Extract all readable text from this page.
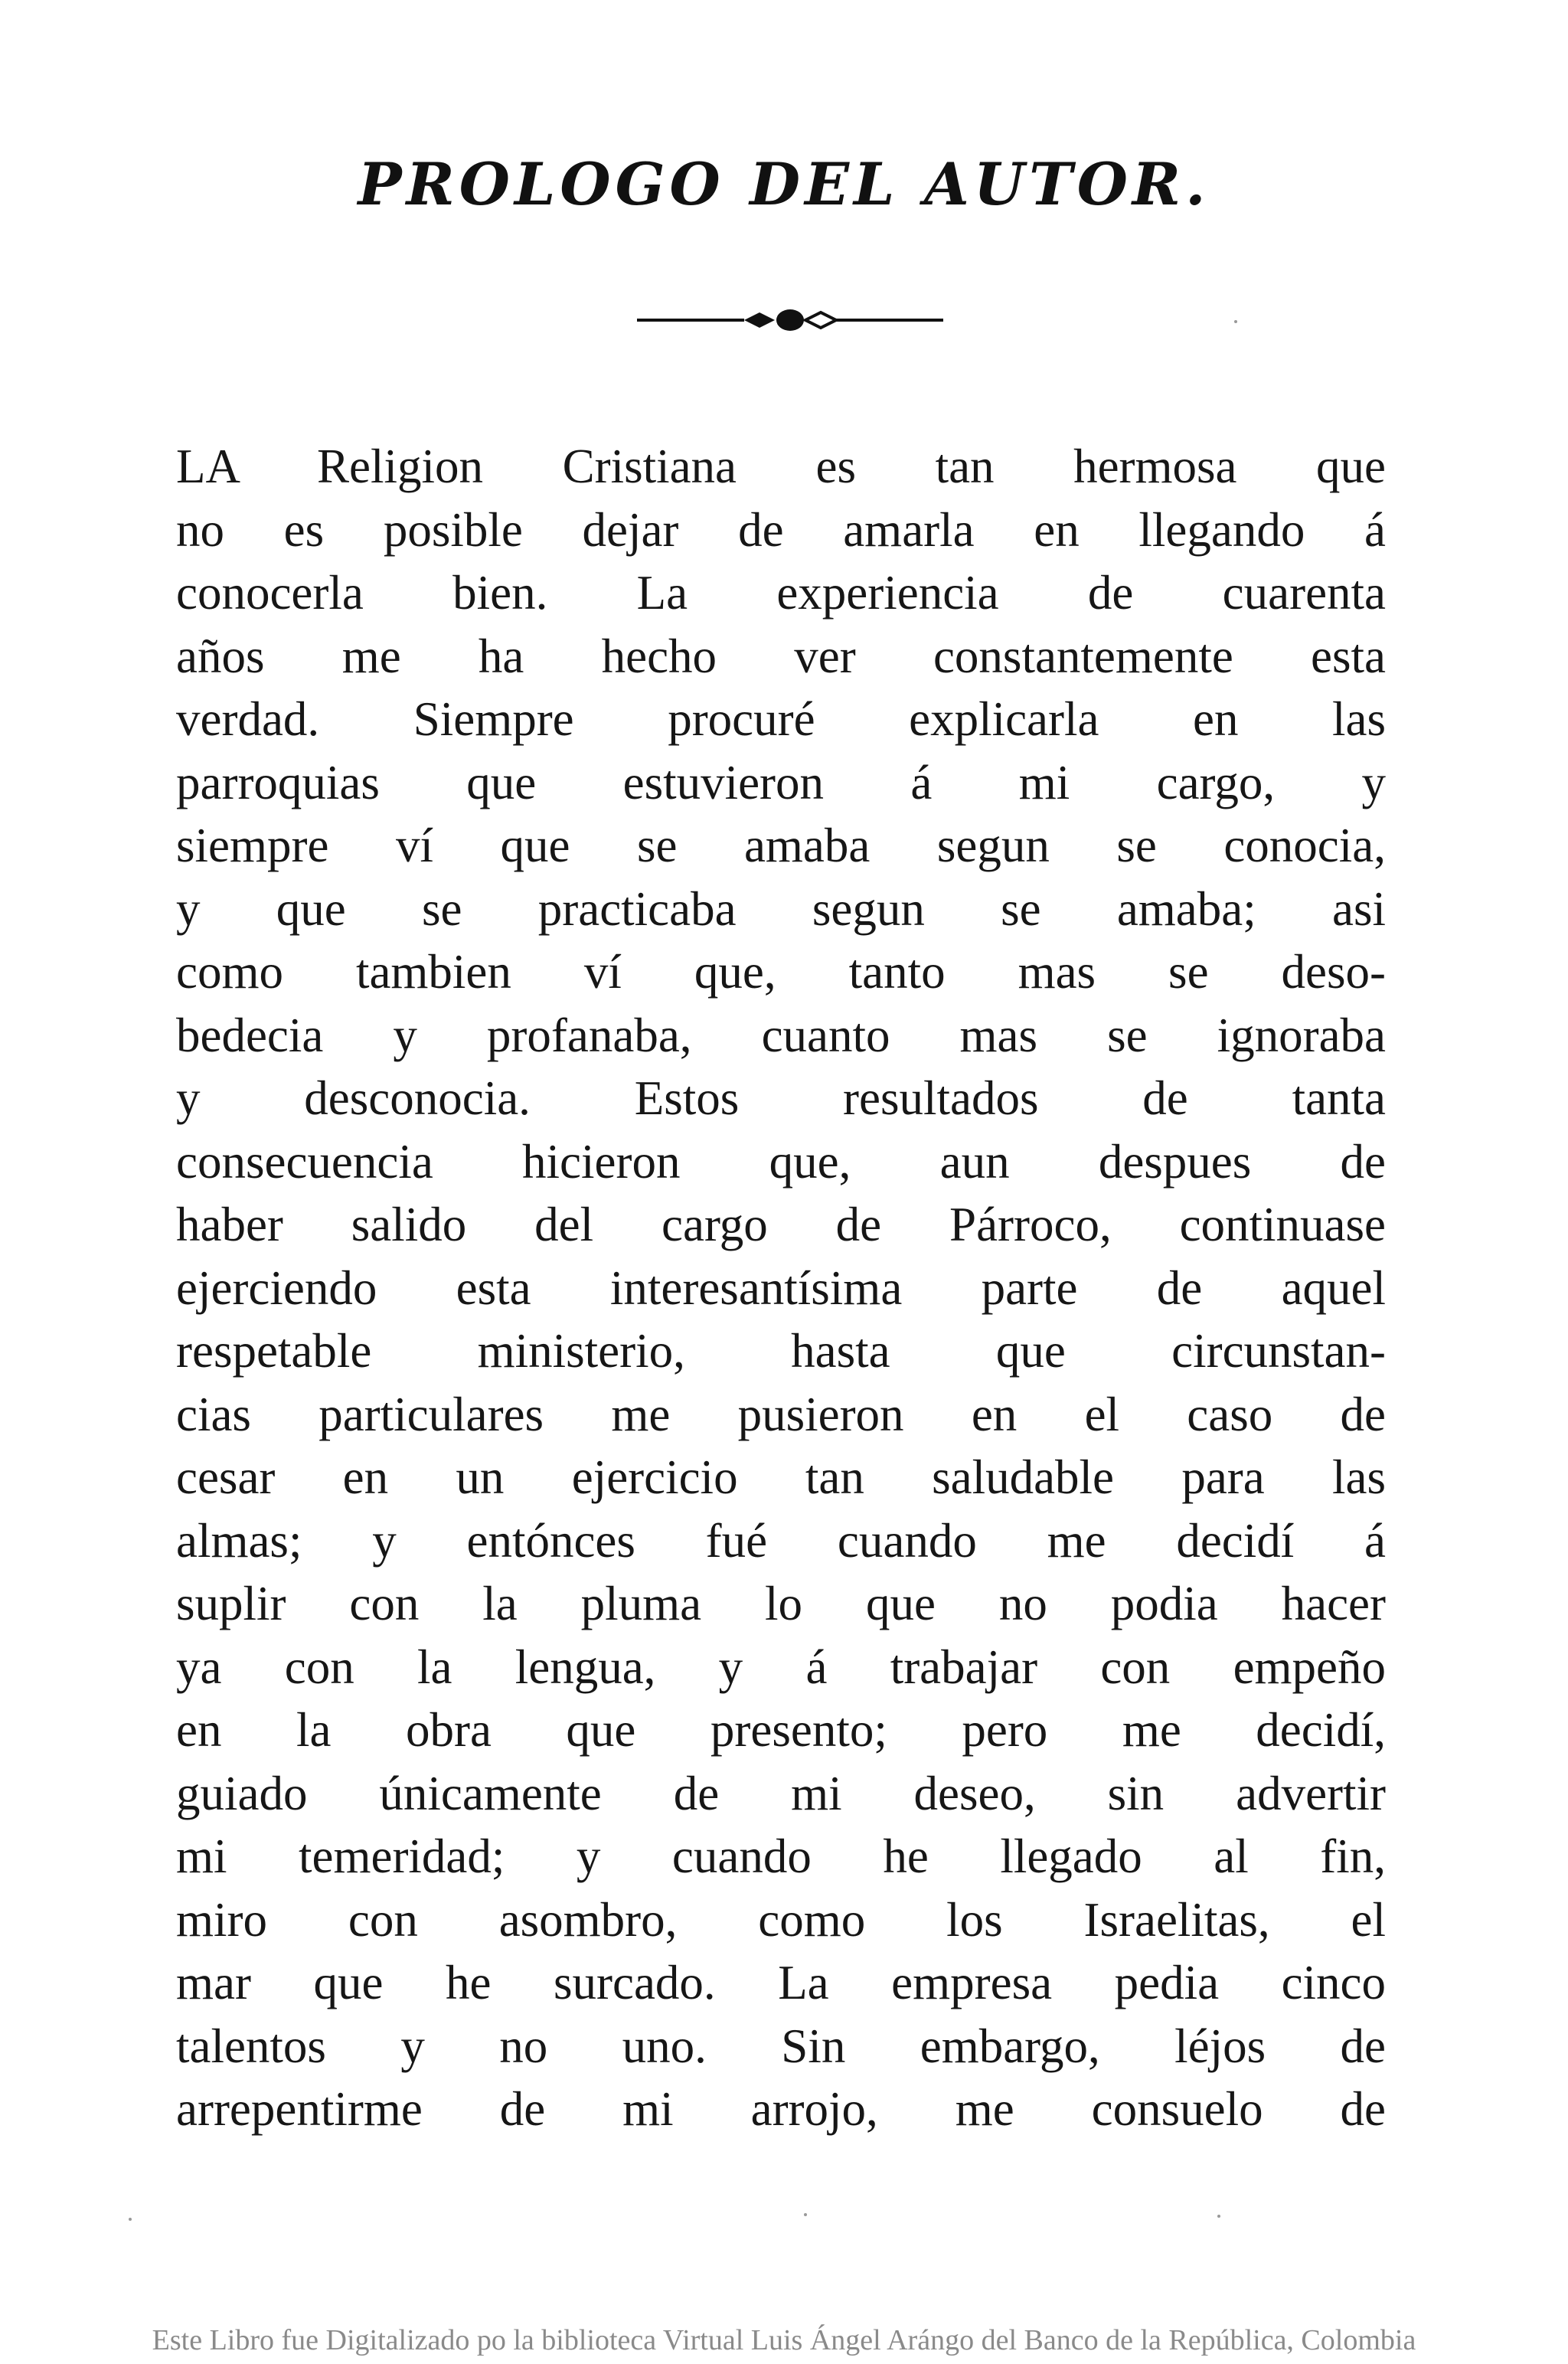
PROLOGO DEL AUTOR.
LA Religion Cristiana es tan hermosa que
no es posible dejar de amarla en llegando á
conocerla bien. La experiencia de cuarenta
años me ha hecho ver constantemente esta
verdad. Siempre procuré explicarla en las
parroquias que estuvieron á mi cargo, y
siempre ví que se amaba segun se conocia,
y que se practicaba segun se amaba; asi
como tambien ví que, tanto mas se deso-
bedecia y profanaba, cuanto mas se ignoraba
y desconocia. Estos resultados de tanta
consecuencia hicieron que, aun despues de
haber salido del cargo de Párroco, continuase
ejerciendo esta interesantísima parte de aquel
respetable ministerio, hasta que circunstan-
cias particulares me pusieron en el caso de
cesar en un ejercicio tan saludable para las
almas; y entónces fué cuando me decidí á
suplir con la pluma lo que no podia hacer
ya con la lengua, y á trabajar con empeño
en la obra que presento; pero me decidí,
guiado únicamente de mi deseo, sin advertir
mi temeridad; y cuando he llegado al fin,
miro con asombro, como los Israelitas, el
mar que he surcado. La empresa pedia cinco
talentos y no uno. Sin embargo, léjos de
arrepentirme de mi arrojo, me consuelo de
Este Libro fue Digitalizado po la biblioteca Virtual Luis Ángel Arángo del Banco de la República, Colombia
